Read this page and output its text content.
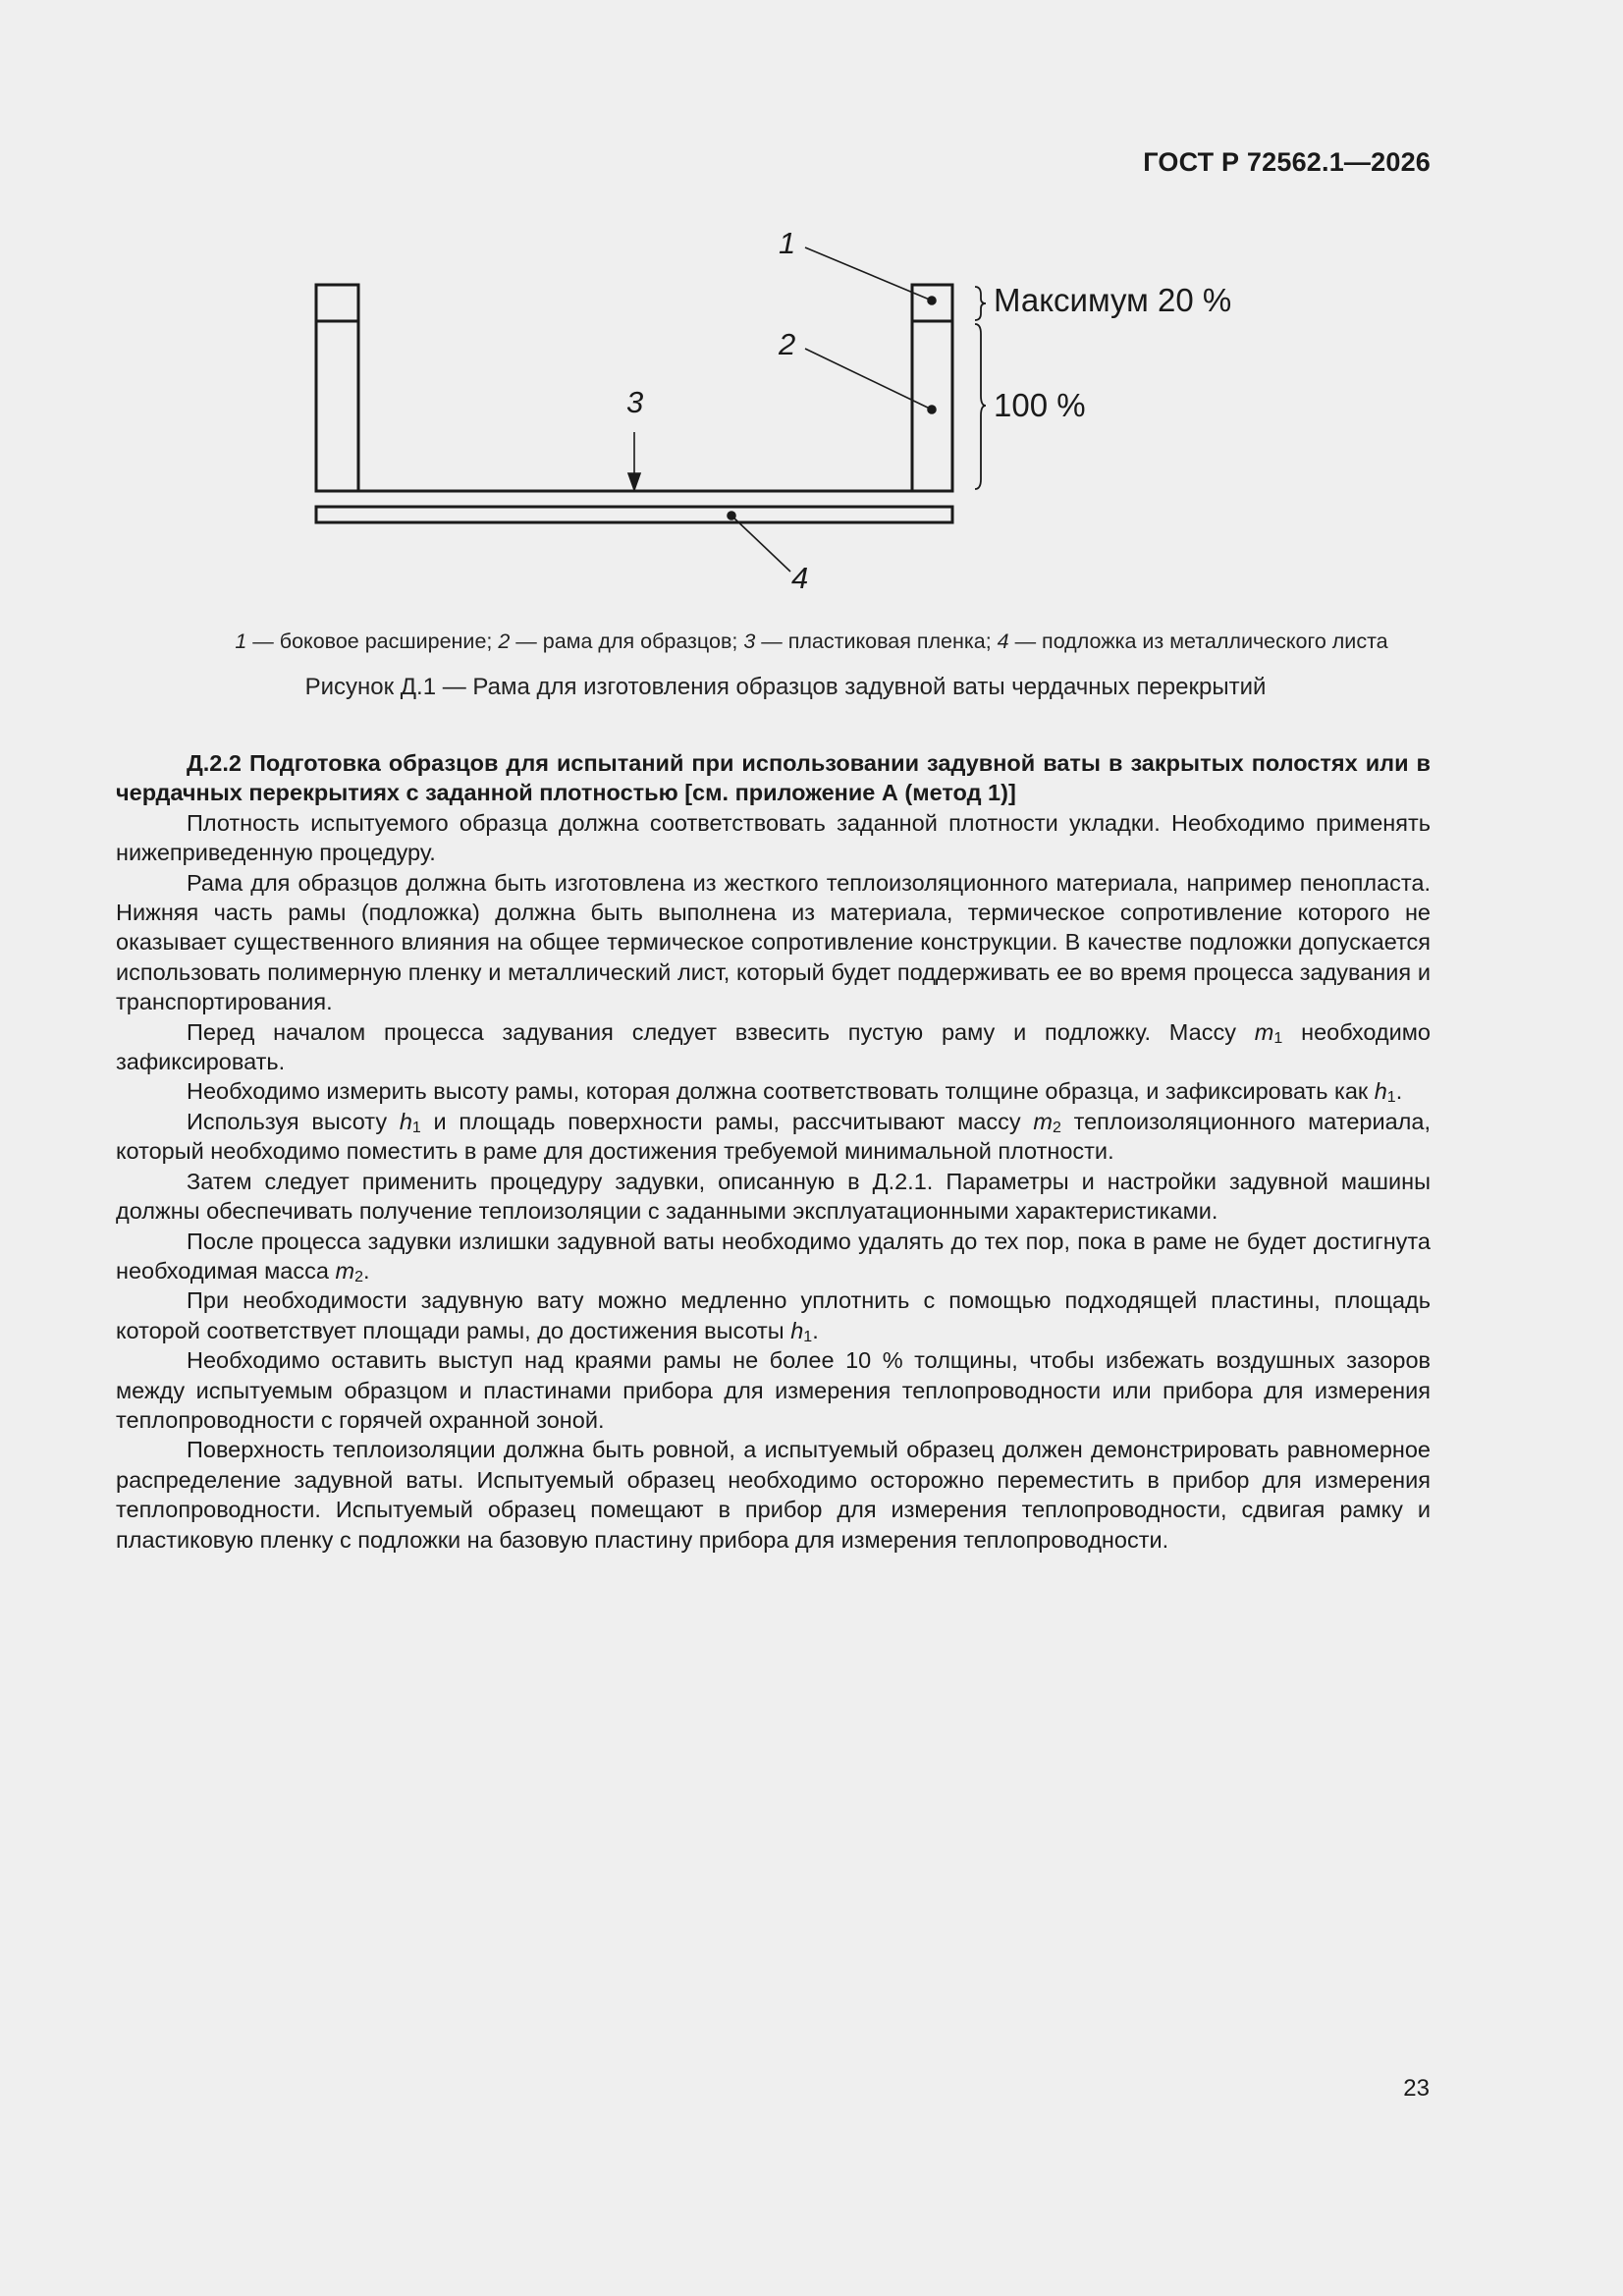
ГОСТ Р 72562.1—2026
1
2
3
4
Максимум 20 %
100 %
1 — боковое расширение; 2 — рама для образцов; 3 — пластиковая пленка; 4 — подложка из металлического листа
Рисунок Д.1 — Рама для изготовления образцов задувной ваты чердачных перекрытий

Д.2.2 Подготовка образцов для испытаний при использовании задувной ваты в закрытых полостях или в чердачных перекрытиях с заданной плотностью [см. приложение А (метод 1)]

Плотность испытуемого образца должна соответствовать заданной плотности укладки. Необходимо применять нижеприведенную процедуру.

Рама для образцов должна быть изготовлена из жесткого теплоизоляционного материала, например пенопласта. Нижняя часть рамы (подложка) должна быть выполнена из материала, термическое сопротивление которого не оказывает существенного влияния на общее термическое сопротивление конструкции. В качестве подложки допускается использовать полимерную пленку и металлический лист, который будет поддерживать ее во время процесса задувания и транспортирования.

Перед началом процесса задувания следует взвесить пустую раму и подложку. Массу $m_1$ необходимо зафиксировать.

Необходимо измерить высоту рамы, которая должна соответствовать толщине образца, и зафиксировать как $h_1$.

Используя высоту $h_1$ и площадь поверхности рамы, рассчитывают массу $m_2$ теплоизоляционного материала, который необходимо поместить в раме для достижения требуемой минимальной плотности.

Затем следует применить процедуру задувки, описанную в Д.2.1. Параметры и настройки задувной машины должны обеспечивать получение теплоизоляции с заданными эксплуатационными характеристиками.

После процесса задувки излишки задувной ваты необходимо удалять до тех пор, пока в раме не будет достигнута необходимая масса $m_2$.

При необходимости задувную вату можно медленно уплотнить с помощью подходящей пластины, площадь которой соответствует площади рамы, до достижения высоты $h_1$.

Необходимо оставить выступ над краями рамы не более 10 % толщины, чтобы избежать воздушных зазоров между испытуемым образцом и пластинами прибора для измерения теплопроводности или прибора для измерения теплопроводности с горячей охранной зоной.

Поверхность теплоизоляции должна быть ровной, а испытуемый образец должен демонстрировать равномерное распределение задувной ваты. Испытуемый образец необходимо осторожно переместить в прибор для измерения теплопроводности. Испытуемый образец помещают в прибор для измерения теплопроводности, сдвигая рамку и пластиковую пленку с подложки на базовую пластину прибора для измерения теплопроводности.

23
